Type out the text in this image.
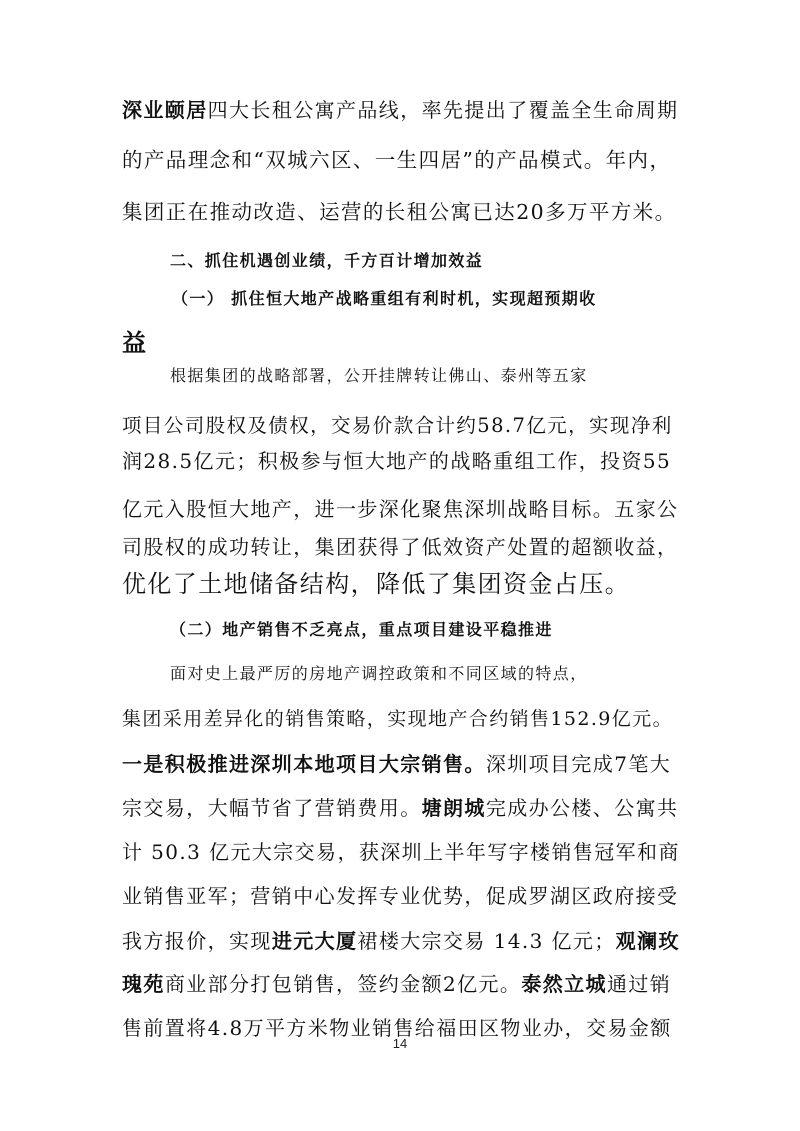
深业颐居四大长租公寓产品线，率先提出了覆盖全生命周期
的产品理念和“双城六区、一生四居”的产品模式。年内，
集团正在推动改造、运营的长租公寓已达20多万平方米。
二、抓住机遇创业绩，千方百计增加效益
（一） 抓住恒大地产战略重组有利时机，实现超预期收
益
根据集团的战略部署，公开挂牌转让佛山、泰州等五家
项目公司股权及债权，交易价款合计约58.7亿元，实现净利
润28.5亿元；积极参与恒大地产的战略重组工作，投资55
亿元入股恒大地产，进一步深化聚焦深圳战略目标。五家公
司股权的成功转让，集团获得了低效资产处置的超额收益，
优化了土地储备结构，降低了集团资金占压。
（二）地产销售不乏亮点，重点项目建设平稳推进
面对史上最严厉的房地产调控政策和不同区域的特点，
集团采用差异化的销售策略，实现地产合约销售152.9亿元。
一是积极推进深圳本地项目大宗销售。深圳项目完成7笔大
宗交易，大幅节省了营销费用。塘朗城完成办公楼、公寓共
计 50.3 亿元大宗交易，获深圳上半年写字楼销售冠军和商
业销售亚军；营销中心发挥专业优势，促成罗湖区政府接受
我方报价，实现进元大厦裙楼大宗交易 14.3 亿元；观澜玫
瑰苑商业部分打包销售，签约金额2亿元。泰然立城通过销
售前置将4.8万平方米物业销售给福田区物业办，交易金额
14
